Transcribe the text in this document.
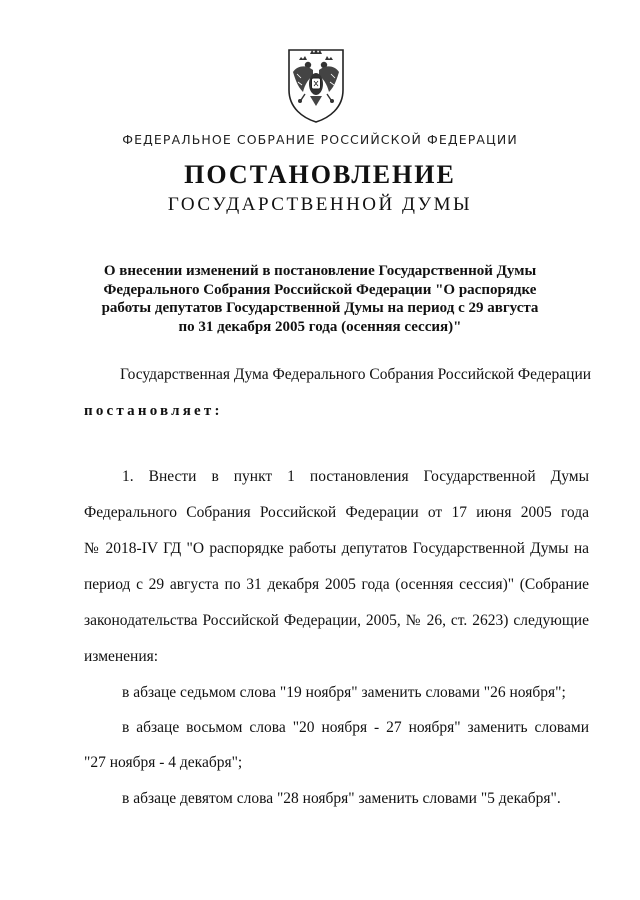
ФЕДЕРАЛЬНОЕ СОБРАНИЕ РОССИЙСКОЙ ФЕДЕРАЦИИ
ПОСТАНОВЛЕНИЕ
ГОСУДАРСТВЕННОЙ ДУМЫ
О внесении изменений в постановление Государственной Думы
Федерального Собрания Российской Федерации "О распорядке
работы депутатов Государственной Думы на период с 29 августа
по 31 декабря 2005 года (осенняя сессия)"
Государственная Дума Федерального Собрания Российской Федерации
постановляет:
1. Внести в пункт 1 постановления Государственной Думы
Федерального Собрания Российской Федерации от 17 июня 2005 года
№ 2018-IV ГД "О распорядке работы депутатов Государственной Думы на
период с 29 августа по 31 декабря 2005 года (осенняя сессия)" (Собрание
законодательства Российской Федерации, 2005, № 26, ст. 2623) следующие
изменения:
в абзаце седьмом слова "19 ноября" заменить словами "26 ноября";
в абзаце восьмом слова "20 ноября - 27 ноября" заменить словами
"27 ноября - 4 декабря";
в абзаце девятом слова "28 ноября" заменить словами "5 декабря".
